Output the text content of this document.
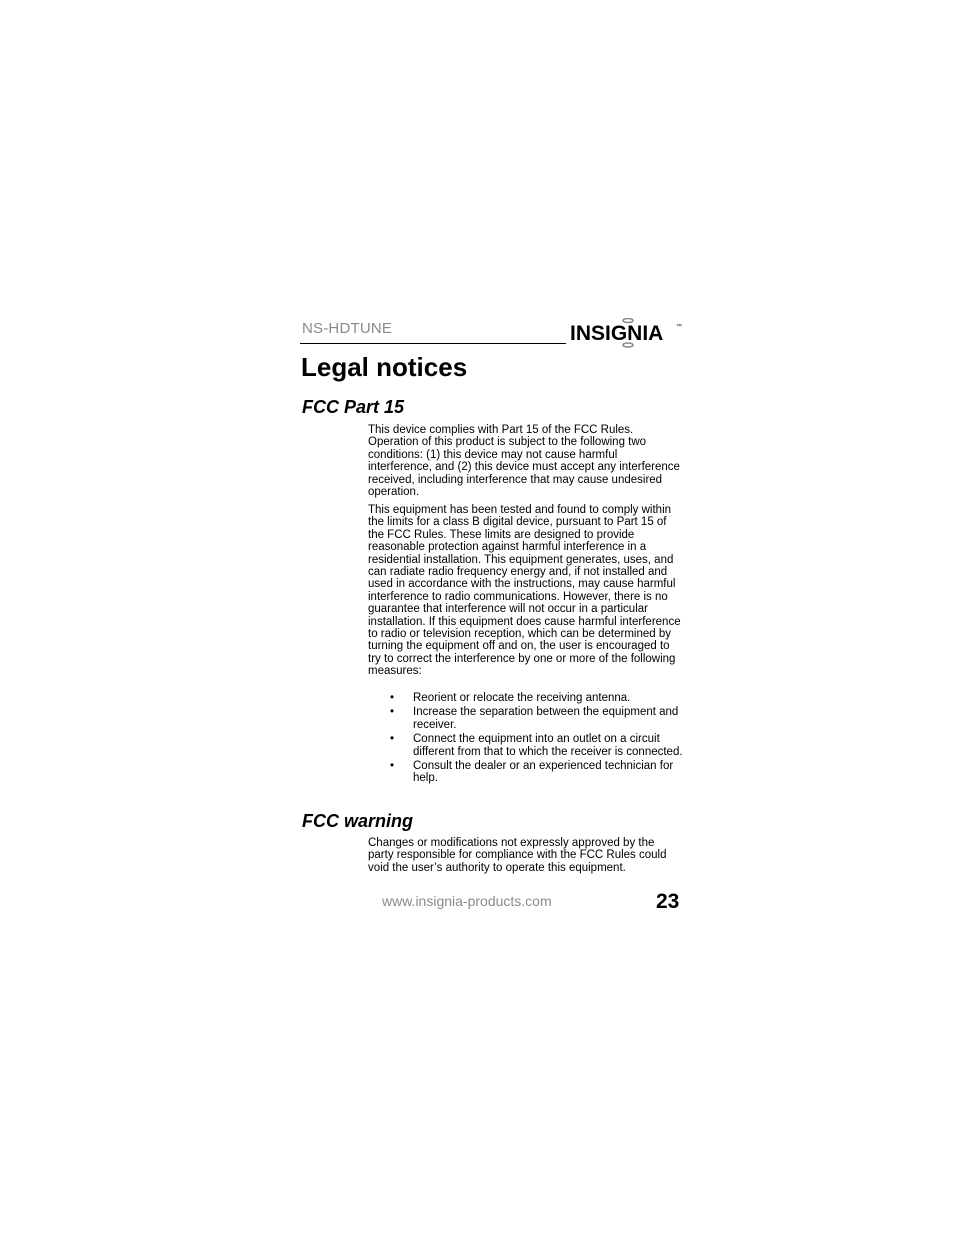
NS-HDTUNE	INSIGNIA ™
Legal notices
FCC Part 15

This device complies with Part 15 of the FCC Rules. Operation of this product is subject to the following two conditions: (1) this device may not cause harmful interference, and (2) this device must accept any interference received, including interference that may cause undesired operation.

This equipment has been tested and found to comply within the limits for a class B digital device, pursuant to Part 15 of the FCC Rules. These limits are designed to provide reasonable protection against harmful interference in a residential installation. This equipment generates, uses, and can radiate radio frequency energy and, if not installed and used in accordance with the instructions, may cause harmful interference to radio communications. However, there is no guarantee that interference will not occur in a particular installation. If this equipment does cause harmful interference to radio or television reception, which can be determined by turning the equipment off and on, the user is encouraged to try to correct the interference by one or more of the following measures:

• Reorient or relocate the receiving antenna.
• Increase the separation between the equipment and receiver.
• Connect the equipment into an outlet on a circuit different from that to which the receiver is connected.
• Consult the dealer or an experienced technician for help.
FCC warning

Changes or modifications not expressly approved by the party responsible for compliance with the FCC Rules could void the user’s authority to operate this equipment.

www.insignia-products.com	23
